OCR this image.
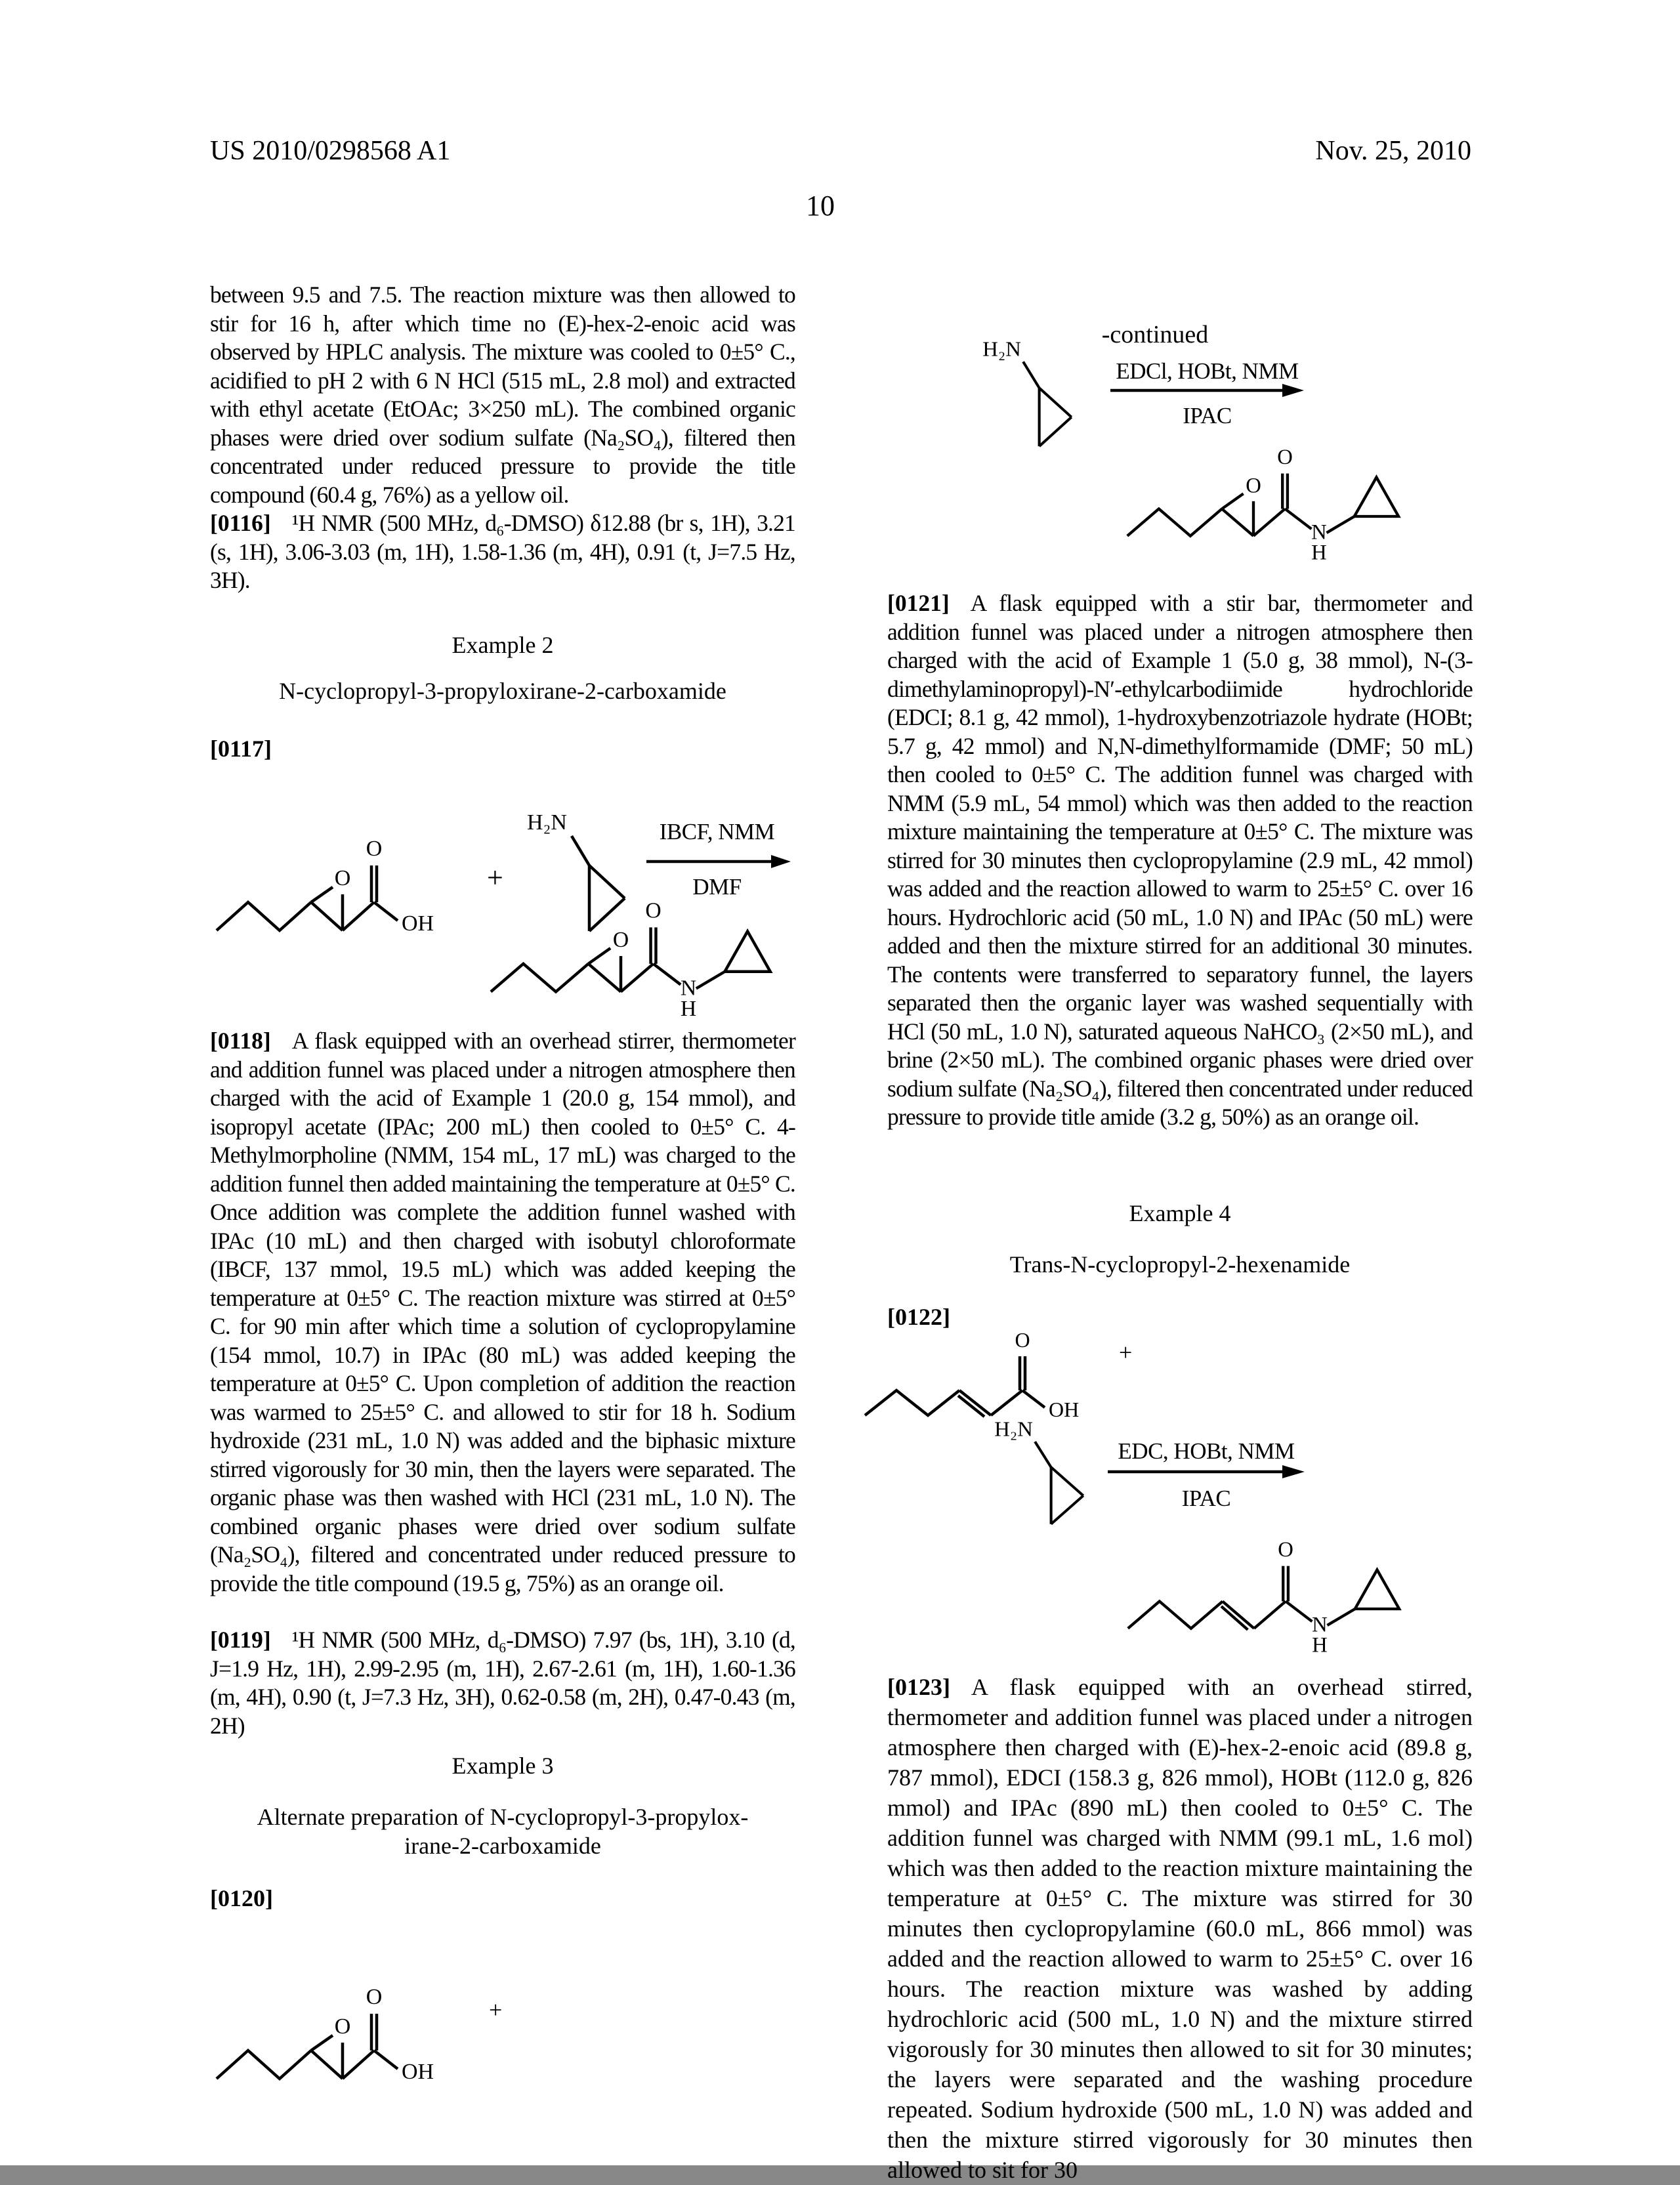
US 2010/0298568 A1	Nov. 25, 2010
10
between 9.5 and 7.5. The reaction mixture was then allowed to stir for 16 h, after which time no (E)-hex-2-enoic acid was observed by HPLC analysis. The mixture was cooled to 0±5° C., acidified to pH 2 with 6 N HCl (515 mL, 2.8 mol) and extracted with ethyl acetate (EtOAc; 3×250 mL). The combined organic phases were dried over sodium sulfate (Na₂SO₄), filtered then concentrated under reduced pressure to provide the title compound (60.4 g, 76%) as a yellow oil.
[0116] ¹H NMR (500 MHz, d₆-DMSO) δ12.88 (br s, 1H), 3.21 (s, 1H), 3.06-3.03 (m, 1H), 1.58-1.36 (m, 4H), 0.91 (t, J=7.5 Hz, 3H).
Example 2
N-cyclopropyl-3-propyloxirane-2-carboxamide
[0117]
O
O
OH
+
H₂N	IBCF, NMM
DMF
O
O
N
H
[0118] A flask equipped with an overhead stirrer, thermometer and addition funnel was placed under a nitrogen atmosphere then charged with the acid of Example 1 (20.0 g, 154 mmol), and isopropyl acetate (IPAc; 200 mL) then cooled to 0±5° C. 4-Methylmorpholine (NMM, 154 mL, 17 mL) was charged to the addition funnel then added maintaining the temperature at 0±5° C. Once addition was complete the addition funnel washed with IPAc (10 mL) and then charged with isobutyl chloroformate (IBCF, 137 mmol, 19.5 mL) which was added keeping the temperature at 0±5° C. The reaction mixture was stirred at 0±5° C. for 90 min after which time a solution of cyclopropylamine (154 mmol, 10.7) in IPAc (80 mL) was added keeping the temperature at 0±5° C. Upon completion of addition the reaction was warmed to 25±5° C. and allowed to stir for 18 h. Sodium hydroxide (231 mL, 1.0 N) was added and the biphasic mixture stirred vigorously for 30 min, then the layers were separated. The organic phase was then washed with HCl (231 mL, 1.0 N). The combined organic phases were dried over sodium sulfate (Na₂SO₄), filtered and concentrated under reduced pressure to provide the title compound (19.5 g, 75%) as an orange oil.
[0119] ¹H NMR (500 MHz, d₆-DMSO) 7.97 (bs, 1H), 3.10 (d, J=1.9 Hz, 1H), 2.99-2.95 (m, 1H), 2.67-2.61 (m, 1H), 1.60-1.36 (m, 4H), 0.90 (t, J=7.3 Hz, 3H), 0.62-0.58 (m, 2H), 0.47-0.43 (m, 2H)
Example 3
Alternate preparation of N-cyclopropyl-3-propylox-
irane-2-carboxamide
[0120]
O
O
OH
+
-continued
H₂N
EDCl, HOBt, NMM
IPAC
O
O
N
H
[0121] A flask equipped with a stir bar, thermometer and addition funnel was placed under a nitrogen atmosphere then charged with the acid of Example 1 (5.0 g, 38 mmol), N-(3-dimethylaminopropyl)-N′-ethylcarbodiimide hydrochloride (EDCI; 8.1 g, 42 mmol), 1-hydroxybenzotriazole hydrate (HOBt; 5.7 g, 42 mmol) and N,N-dimethylformamide (DMF; 50 mL) then cooled to 0±5° C. The addition funnel was charged with NMM (5.9 mL, 54 mmol) which was then added to the reaction mixture maintaining the temperature at 0±5° C. The mixture was stirred for 30 minutes then cyclopropylamine (2.9 mL, 42 mmol) was added and the reaction allowed to warm to 25±5° C. over 16 hours. Hydrochloric acid (50 mL, 1.0 N) and IPAc (50 mL) were added and then the mixture stirred for an additional 30 minutes. The contents were transferred to separatory funnel, the layers separated then the organic layer was washed sequentially with HCl (50 mL, 1.0 N), saturated aqueous NaHCO₃ (2×50 mL), and brine (2×50 mL). The combined organic phases were dried over sodium sulfate (Na₂SO₄), filtered then concentrated under reduced pressure to provide title amide (3.2 g, 50%) as an orange oil.
Example 4
Trans-N-cyclopropyl-2-hexenamide
[0122]
O
OH
+
H₂N
EDC, HOBt, NMM
IPAC
O
N
H
[0123] A flask equipped with an overhead stirred, thermometer and addition funnel was placed under a nitrogen atmosphere then charged with (E)-hex-2-enoic acid (89.8 g, 787 mmol), EDCI (158.3 g, 826 mmol), HOBt (112.0 g, 826 mmol) and IPAc (890 mL) then cooled to 0±5° C. The addition funnel was charged with NMM (99.1 mL, 1.6 mol) which was then added to the reaction mixture maintaining the temperature at 0±5° C. The mixture was stirred for 30 minutes then cyclopropylamine (60.0 mL, 866 mmol) was added and the reaction allowed to warm to 25±5° C. over 16 hours. The reaction mixture was washed by adding hydrochloric acid (500 mL, 1.0 N) and the mixture stirred vigorously for 30 minutes then allowed to sit for 30 minutes; the layers were separated and the washing procedure repeated. Sodium hydroxide (500 mL, 1.0 N) was added and then the mixture stirred vigorously for 30 minutes then allowed to sit for 30
